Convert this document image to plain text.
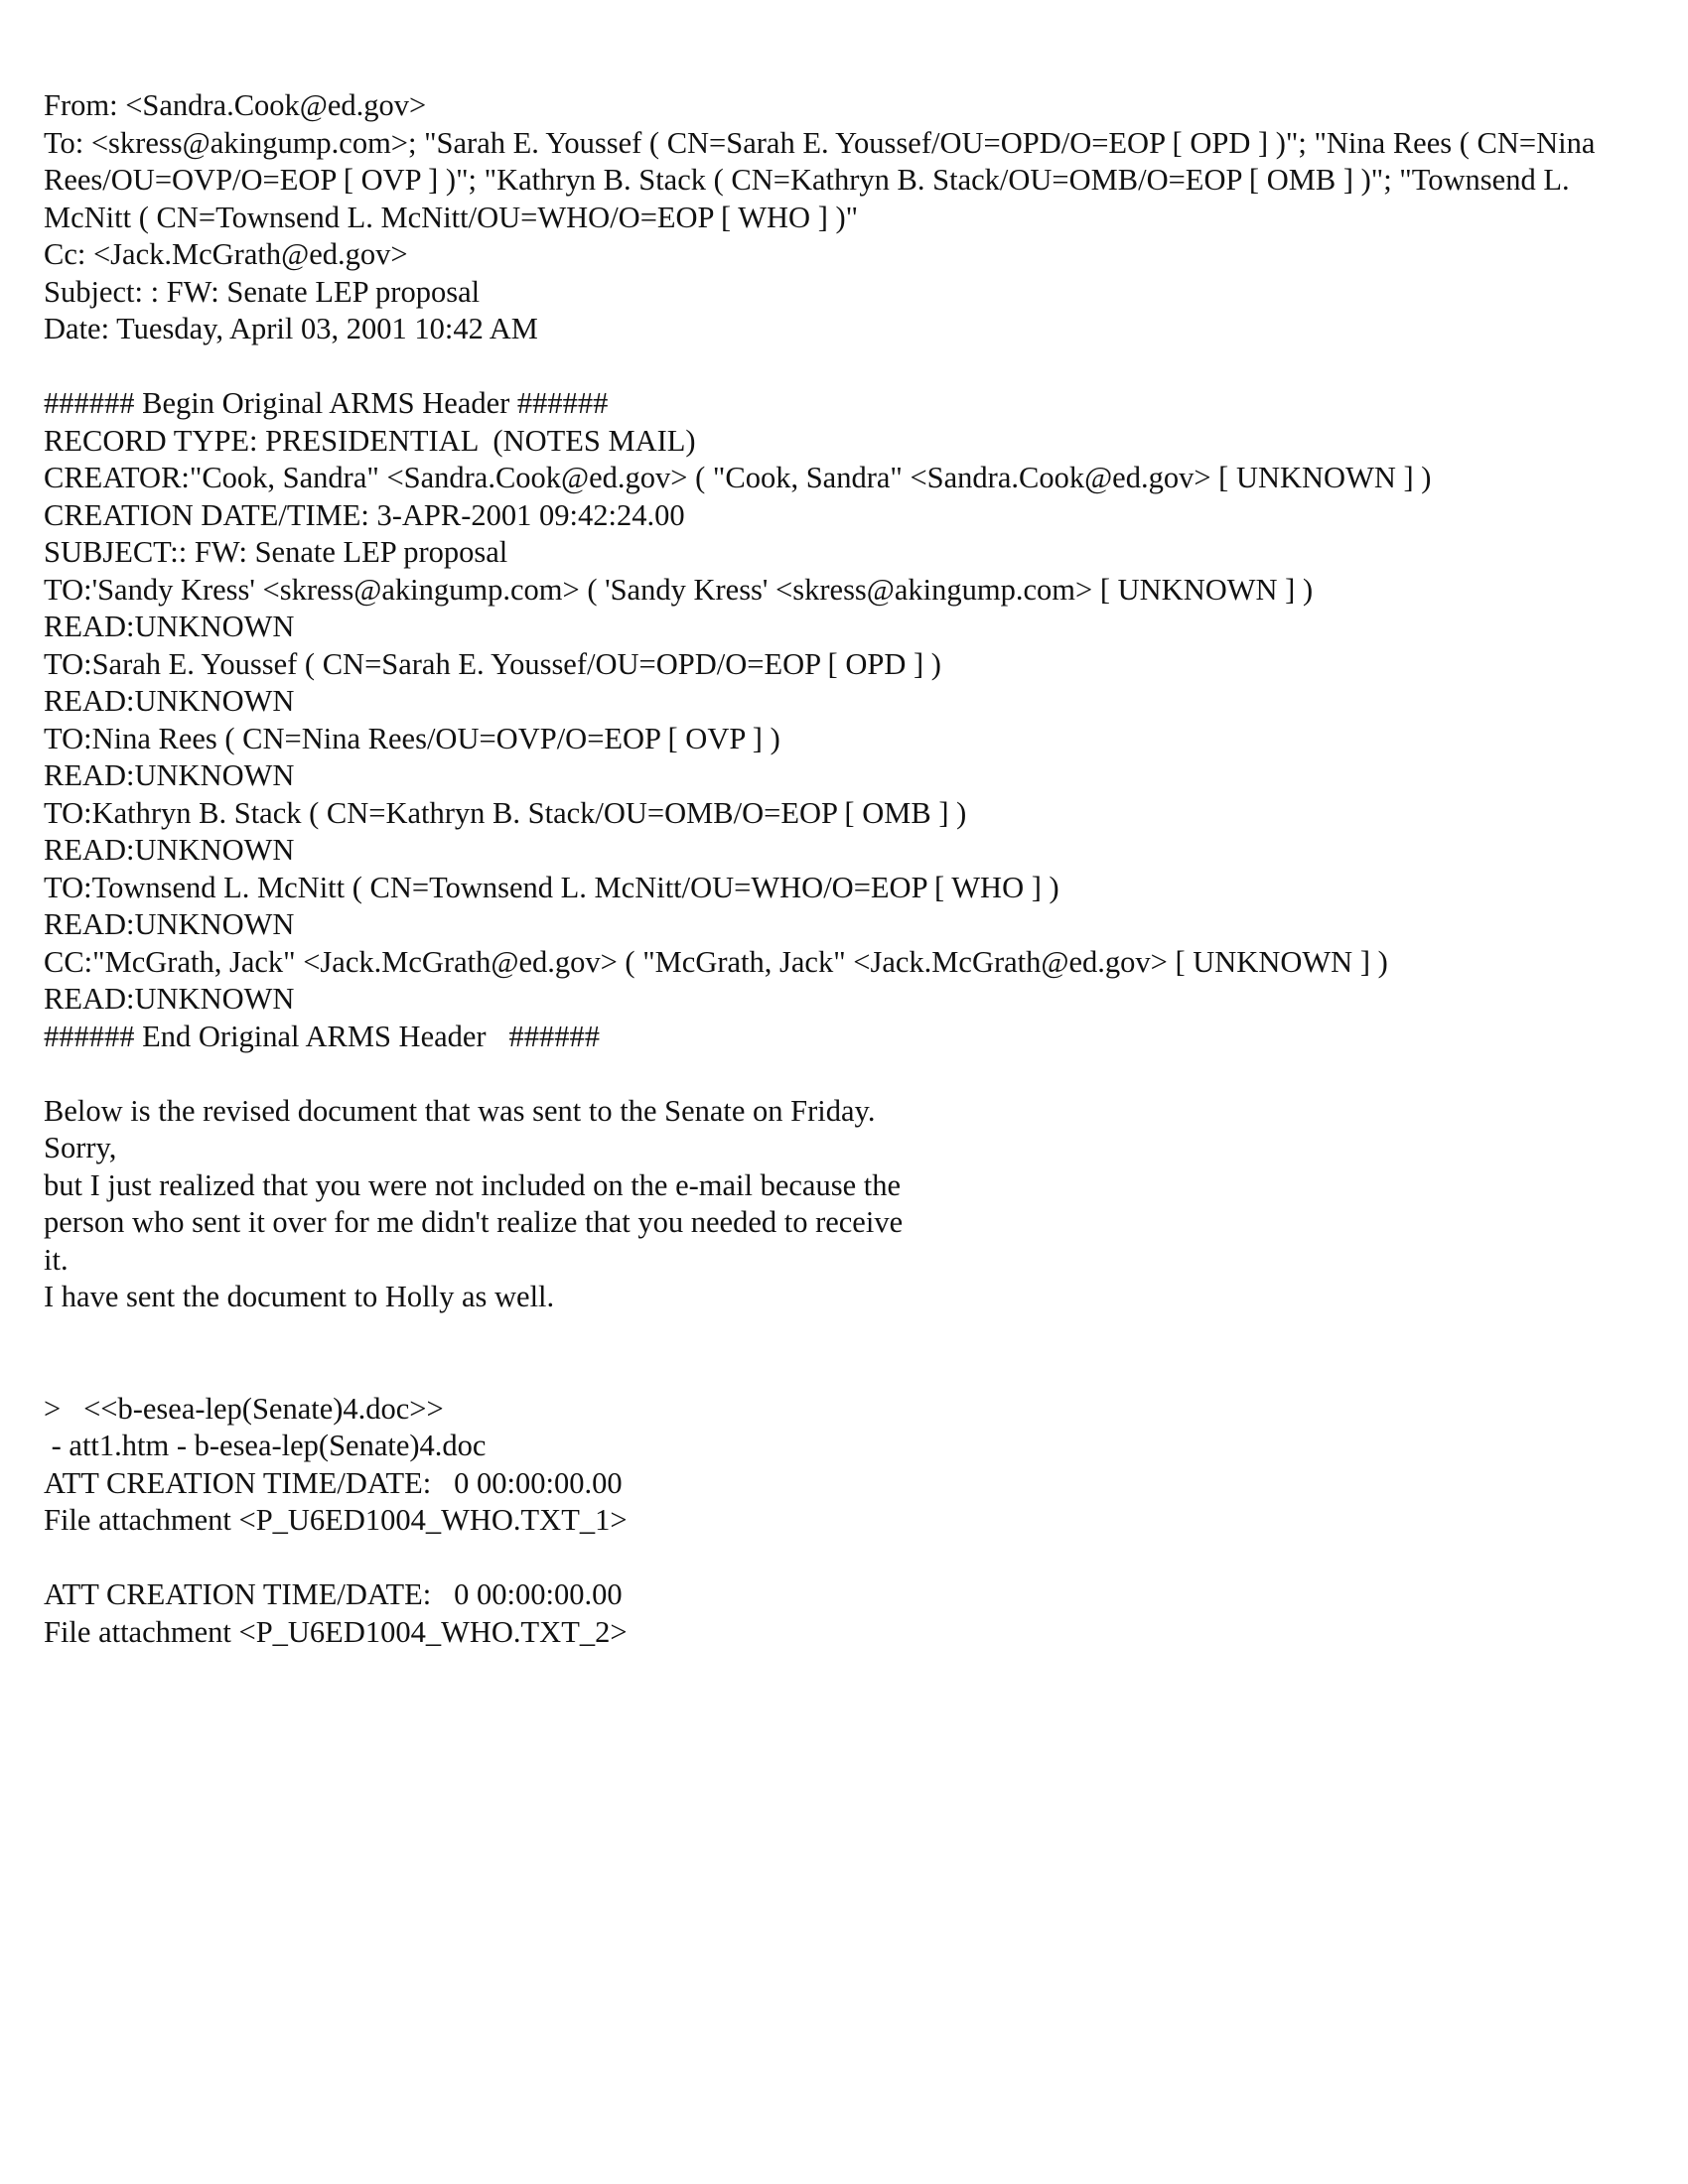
From: <Sandra.Cook@ed.gov>
To: <skress@akingump.com>; "Sarah E. Youssef ( CN=Sarah E. Youssef/OU=OPD/O=EOP [ OPD ] )"; "Nina Rees ( CN=Nina Rees/OU=OVP/O=EOP [ OVP ] )"; "Kathryn B. Stack ( CN=Kathryn B. Stack/OU=OMB/O=EOP [ OMB ] )"; "Townsend L. McNitt ( CN=Townsend L. McNitt/OU=WHO/O=EOP [ WHO ] )"
Cc: <Jack.McGrath@ed.gov>
Subject: : FW: Senate LEP proposal
Date: Tuesday, April 03, 2001 10:42 AM
###### Begin Original ARMS Header ######
RECORD TYPE: PRESIDENTIAL  (NOTES MAIL)
CREATOR:"Cook, Sandra" <Sandra.Cook@ed.gov> ( "Cook, Sandra" <Sandra.Cook@ed.gov> [ UNKNOWN ] )
CREATION DATE/TIME: 3-APR-2001 09:42:24.00
SUBJECT:: FW: Senate LEP proposal
TO:'Sandy Kress' <skress@akingump.com> ( 'Sandy Kress' <skress@akingump.com> [ UNKNOWN ] )
READ:UNKNOWN
TO:Sarah E. Youssef ( CN=Sarah E. Youssef/OU=OPD/O=EOP [ OPD ] )
READ:UNKNOWN
TO:Nina Rees ( CN=Nina Rees/OU=OVP/O=EOP [ OVP ] )
READ:UNKNOWN
TO:Kathryn B. Stack ( CN=Kathryn B. Stack/OU=OMB/O=EOP [ OMB ] )
READ:UNKNOWN
TO:Townsend L. McNitt ( CN=Townsend L. McNitt/OU=WHO/O=EOP [ WHO ] )
READ:UNKNOWN
CC:"McGrath, Jack" <Jack.McGrath@ed.gov> ( "McGrath, Jack" <Jack.McGrath@ed.gov> [ UNKNOWN ] )
READ:UNKNOWN
###### End Original ARMS Header   ######
Below is the revised document that was sent to the Senate on Friday.
Sorry,
but I just realized that you were not included on the e-mail because the
person who sent it over for me didn't realize that you needed to receive
it.
I have sent the document to Holly as well.
>   <<b-esea-lep(Senate)4.doc>>
- att1.htm - b-esea-lep(Senate)4.doc
ATT CREATION TIME/DATE:   0 00:00:00.00
File attachment <P_U6ED1004_WHO.TXT_1>
ATT CREATION TIME/DATE:   0 00:00:00.00
File attachment <P_U6ED1004_WHO.TXT_2>
